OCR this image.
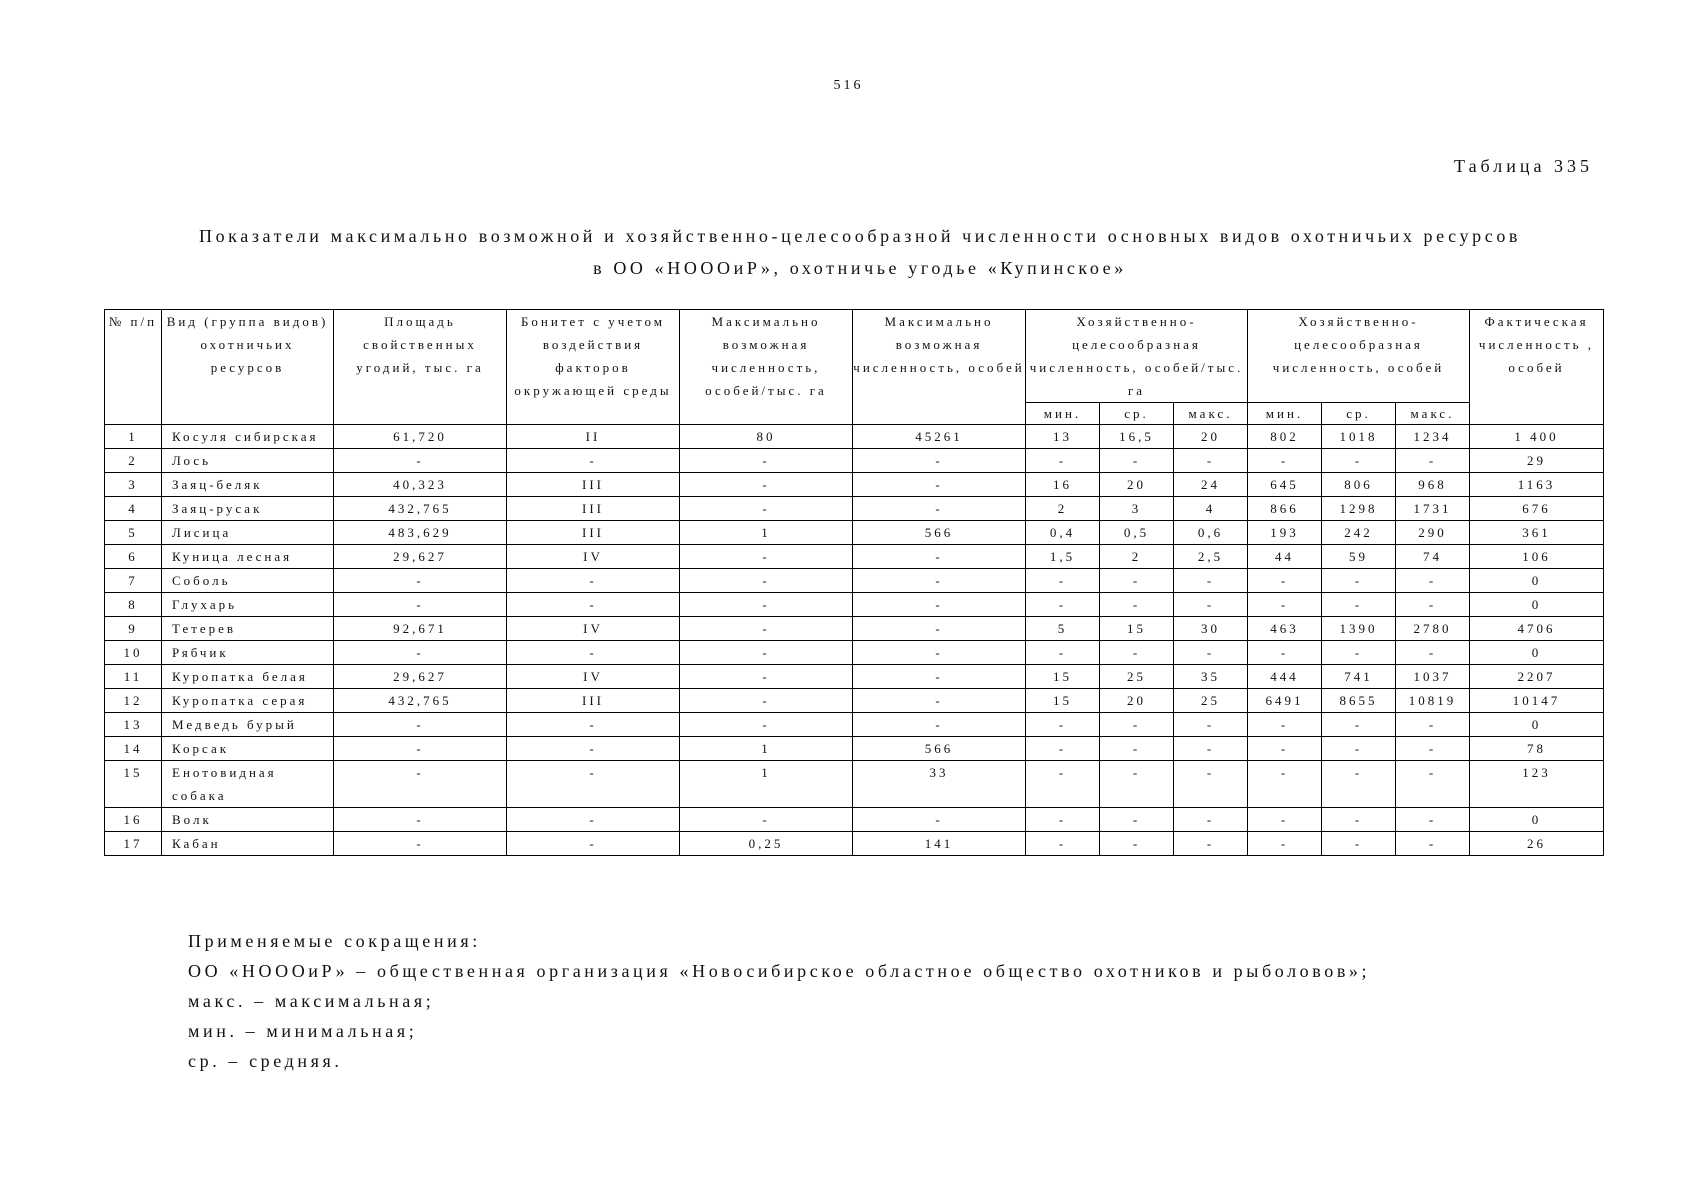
516
Таблица 335
Показатели максимально возможной и хозяйственно-целесообразной численности основных видов охотничьих ресурсов
в ОО «НОООиР», охотничье угодье «Купинское»
№ п/п	Вид (группа видов) охотничьих ресурсов	Площадь свойственных угодий, тыс. га	Бонитет с учетом воздействия факторов окружающей среды	Максимально возможная численность, особей/тыс. га	Максимально возможная численность, особей	Хозяйственно-целесообразная численность, особей/тыс. га			Хозяйственно-целесообразная численность, особей			Фактическая численность , особей
						мин.	ср.	макс.	мин.	ср.	макс.	
1	Косуля сибирская	61,720	II	80	45261	13	16,5	20	802	1018	1234	1 400
2	Лось	-	-	-	-	-	-	-	-	-	-	29
3	Заяц-беляк	40,323	III	-	-	16	20	24	645	806	968	1163
4	Заяц-русак	432,765	III	-	-	2	3	4	866	1298	1731	676
5	Лисица	483,629	III	1	566	0,4	0,5	0,6	193	242	290	361
6	Куница лесная	29,627	IV	-	-	1,5	2	2,5	44	59	74	106
7	Соболь	-	-	-	-	-	-	-	-	-	-	0
8	Глухарь	-	-	-	-	-	-	-	-	-	-	0
9	Тетерев	92,671	IV	-	-	5	15	30	463	1390	2780	4706
10	Рябчик	-	-	-	-	-	-	-	-	-	-	0
11	Куропатка белая	29,627	IV	-	-	15	25	35	444	741	1037	2207
12	Куропатка серая	432,765	III	-	-	15	20	25	6491	8655	10819	10147
13	Медведь бурый	-	-	-	-	-	-	-	-	-	-	0
14	Корсак	-	-	1	566	-	-	-	-	-	-	78
15	Енотовидная собака	-	-	1	33	-	-	-	-	-	-	123
16	Волк	-	-	-	-	-	-	-	-	-	-	0
17	Кабан	-	-	0,25	141	-	-	-	-	-	-	26
Применяемые сокращения:
ОО «НОООиР» – общественная организация «Новосибирское областное общество охотников и рыболовов»;
макс. – максимальная;
мин. – минимальная;
ср. – средняя.
